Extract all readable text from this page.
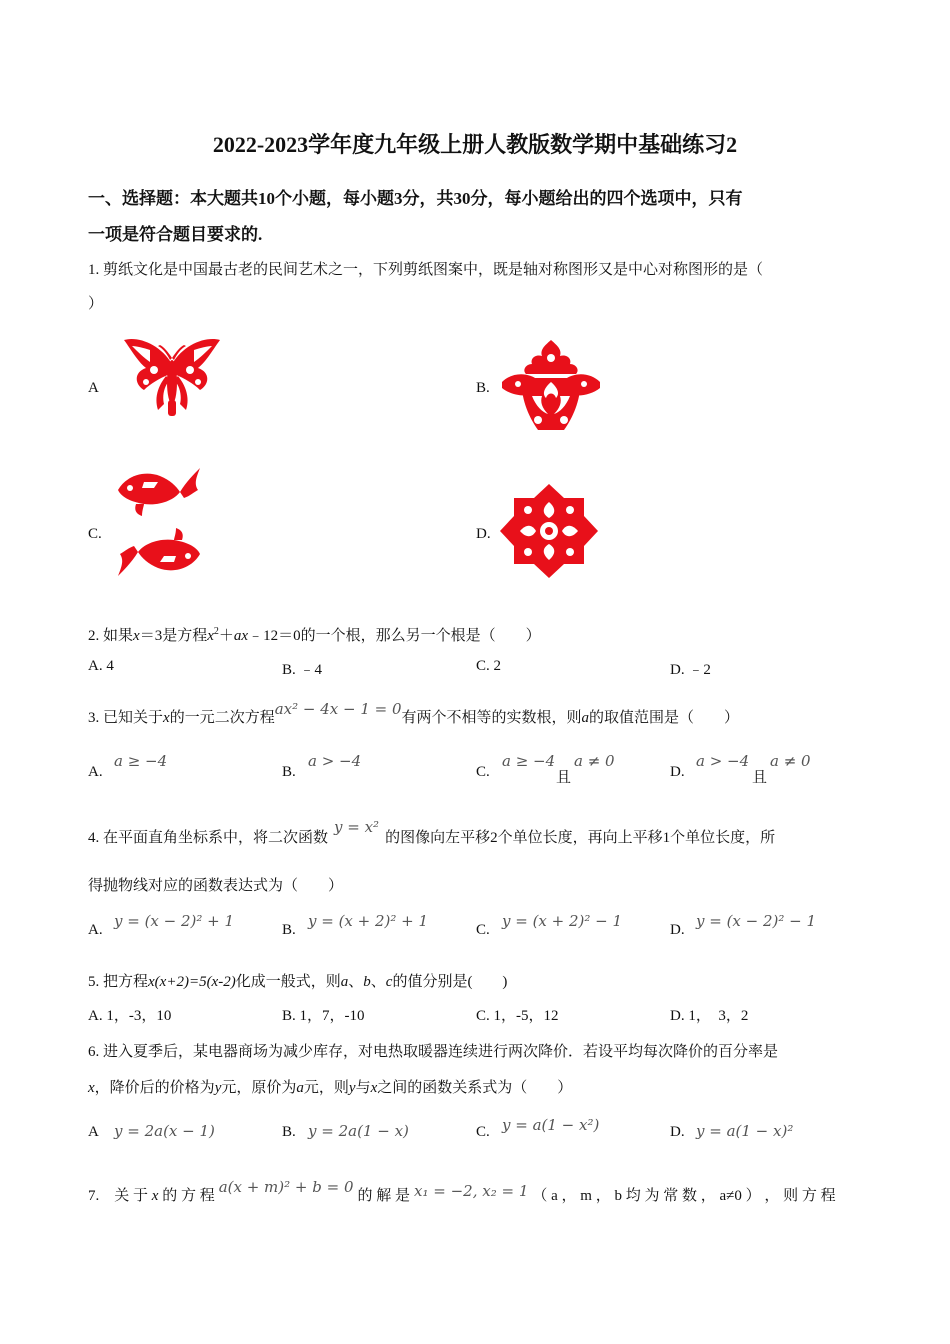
2022-2023学年度九年级上册人教版数学期中基础练习2
一、选择题：本大题共10个小题，每小题3分，共30分，每小题给出的四个选项中，只有
一项是符合题目要求的.
1. 剪纸文化是中国最古老的民间艺术之一，下列剪纸图案中，既是轴对称图形又是中心对称图形的是（
）
A	B.
C.	D.
2. 如果x＝3是方程$x^2+ax﹣12=0$的一个根，那么另一个根是（　　）
A. 4	B. ﹣4	C. 2	D. ﹣2
3. 已知关于x的一元二次方程ax² − 4x − 1 = 0有两个不相等的实数根，则a的取值范围是（　　）
A.
a ≥ −4
B.
a > −4
C.
a ≥ −4
且
a ≠ 0
D.
a > −4
且
a ≠ 0
4. 在平面直角坐标系中，将二次函数y = x²的图像向左平移2个单位长度，再向上平移1个单位长度，所
得抛物线对应的函数表达式为（　　）
A. y = (x − 2)² + 1	B. y = (x + 2)² + 1	C. y = (x + 2)² − 1	D. y = (x − 2)² − 1
5. 把方程x(x+2)=5(x-2)化成一般式，则a、b、c的值分别是(　　)
A. 1，-3，10	B. 1，7，-10	C. 1，-5，12	D. 1，　3，2
6. 进入夏季后，某电器商场为减少库存，对电热取暖器连续进行两次降价．若设平均每次降价的百分率是
x，降价后的价格为y元，原价为a元，则y与x之间的函数关系式为（　　）
A y = 2a(x − 1)	B. y = 2a(1 − x)	C. y = a(1 − x²)	D. y = a(1 − x)²
7.　关 于 x 的 方 程 a(x + m)² + b = 0 的 解 是 x₁ = −2, x₂ = 1 （ a ， m ， b 均 为 常 数 ， a≠0 ） ， 则 方 程
